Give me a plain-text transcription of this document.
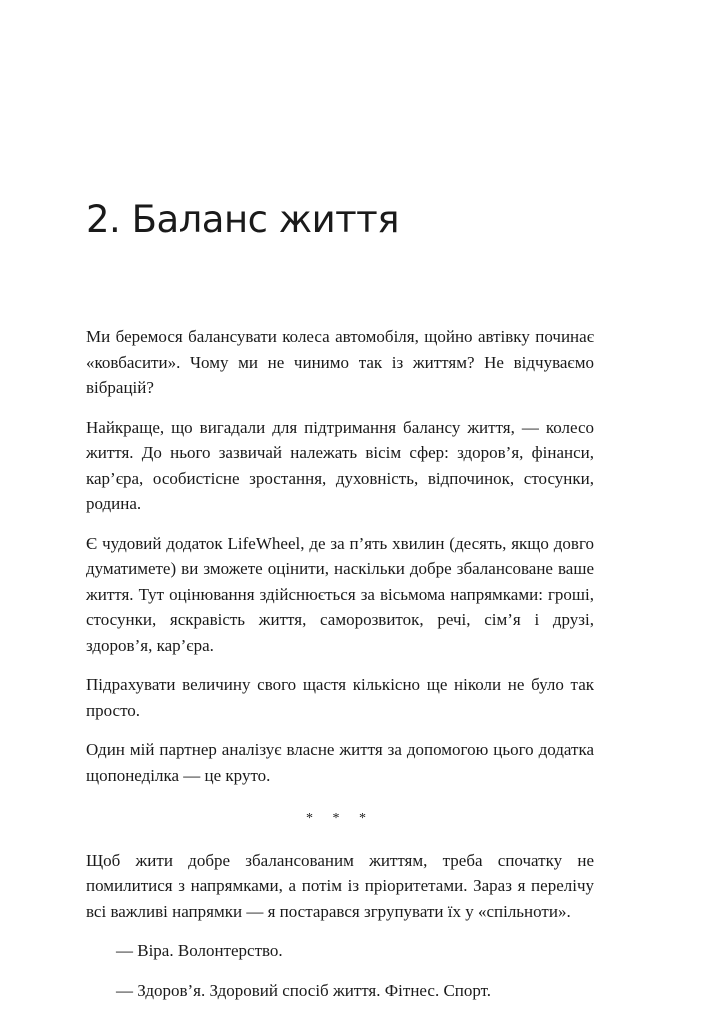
2. Баланс життя

Ми беремося балансувати колеса автомобіля, щойно автівку починає «ковбасити». Чому ми не чинимо так із життям? Не відчуваємо вібрацій?

Найкраще, що вигадали для підтримання балансу життя, — колесо життя. До нього зазвичай належать вісім сфер: здоров’я, фінанси, кар’єра, особистісне зростання, духовність, відпочинок, стосунки, родина.

Є чудовий додаток LifeWheel, де за п’ять хвилин (десять, якщо довго думатимете) ви зможете оцінити, наскільки добре збалансоване ваше життя. Тут оцінювання здійснюється за вісьмома напрямками: гроші, стосунки, яскравість життя, саморозвиток, речі, сім’я і друзі, здоров’я, кар’єра.

Підрахувати величину свого щастя кількісно ще ніколи не було так просто.

Один мій партнер аналізує власне життя за допомогою цього додатка щопонеділка — це круто.

* * *

Щоб жити добре збалансованим життям, треба спочатку не помилитися з напрямками, а потім із пріоритетами. Зараз я перелічу всі важливі напрямки — я постарався згрупувати їх у «спільноти».

— Віра. Волонтерство.

— Здоров’я. Здоровий спосіб життя. Фітнес. Спорт.
